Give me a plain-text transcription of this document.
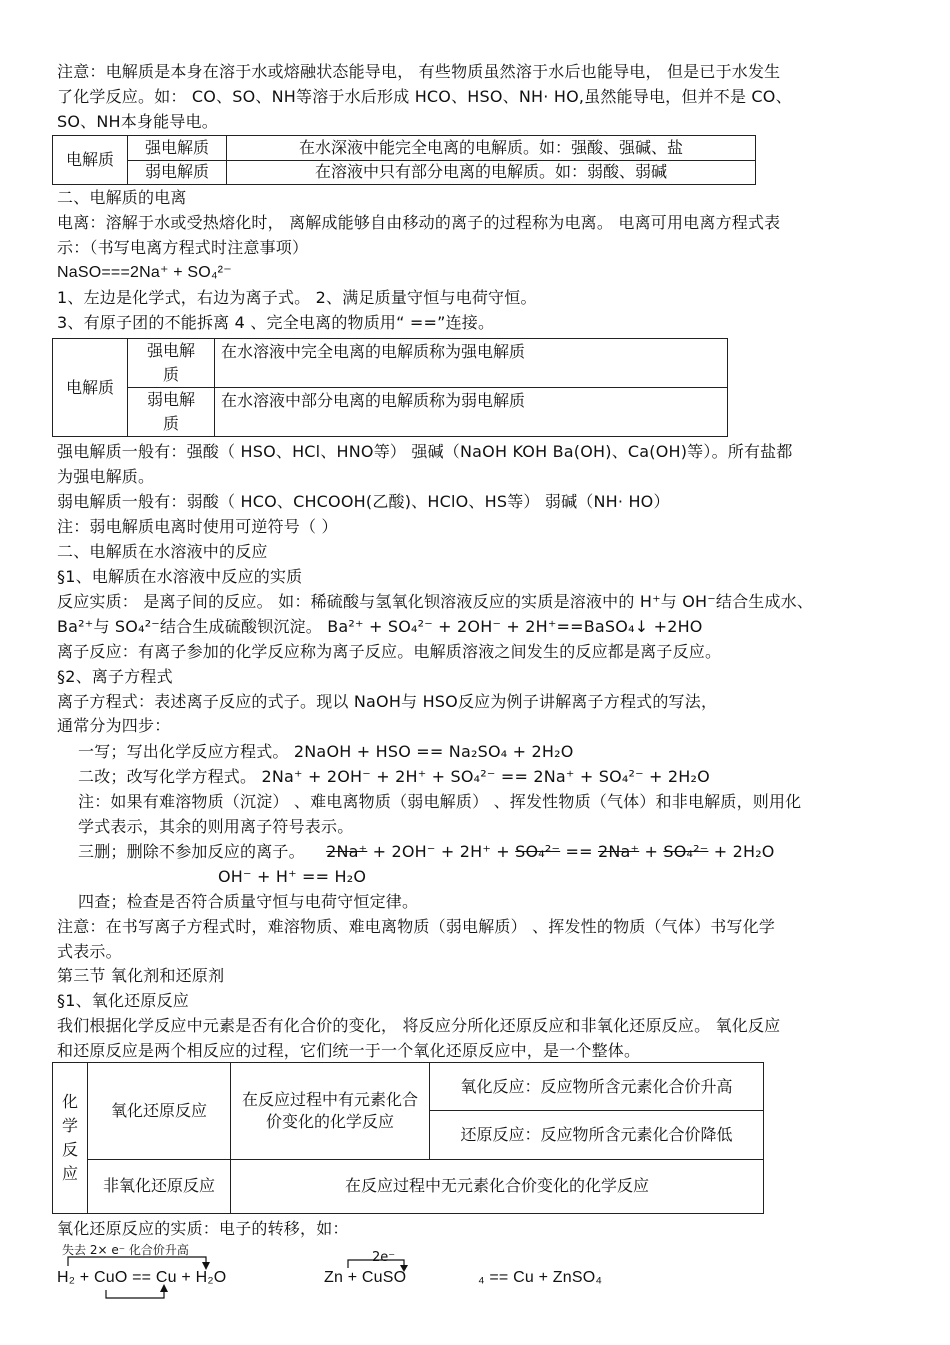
注意：电解质是本身在溶于水或熔融状态能导电， 有些物质虽然溶于水后也能导电， 但是已于水发生
了化学反应。如： CO、SO、NH等溶于水后形成 HCO、HSO、NH· HO,虽然能导电，但并不是 CO、
SO、NH本身能导电。
电解质	强电解质	在水深液中能完全电离的电解质。如：强酸、强碱、盐
	弱电解质	在溶液中只有部分电离的电解质。如：弱酸、弱碱
二、电解质的电离
电离：溶解于水或受热熔化时， 离解成能够自由移动的离子的过程称为电离。 电离可用电离方程式表
示：（书写电离方程式时注意事项）
NaSO===2Na⁺ + SO₄²⁻
1、左边是化学式，右边为离子式。 2、满足质量守恒与电荷守恒。
3、有原子团的不能拆离 4 、完全电离的物质用“ ==”连接。
电解质	强电解
质	在水溶液中完全电离的电解质称为强电解质
	弱电解
质	在水溶液中部分电离的电解质称为弱电解质
强电解质一般有：强酸（ HSO、HCl、HNO等） 强碱（NaOH KOH Ba(OH)、Ca(OH)等）。所有盐都
为强电解质。
弱电解质一般有：弱酸（ HCO、CHCOOH(乙酸)、HClO、HS等） 弱碱（NH· HO）
注：弱电解质电离时使用可逆符号（ ）
二、电解质在水溶液中的反应
§1、电解质在水溶液中反应的实质
反应实质： 是离子间的反应。 如：稀硫酸与氢氧化钡溶液反应的实质是溶液中的 H⁺与 OH⁻结合生成水、
Ba²⁺与 SO₄²⁻结合生成硫酸钡沉淀。 Ba²⁺ + SO₄²⁻ + 2OH⁻ + 2H⁺==BaSO₄↓ +2HO
离子反应：有离子参加的化学反应称为离子反应。电解质溶液之间发生的反应都是离子反应。
§2、离子方程式
离子方程式：表述离子反应的式子。现以 NaOH与 HSO反应为例子讲解离子方程式的写法，
通常分为四步：
一写；写出化学反应方程式。 2NaOH + HSO == Na₂SO₄ + 2H₂O
二改；改写化学方程式。 2Na⁺ + 2OH⁻ + 2H⁺ + SO₄²⁻ == 2Na⁺ + SO₄²⁻ + 2H₂O
注：如果有难溶物质（沉淀） 、难电离物质（弱电解质） 、挥发性物质（气体）和非电解质，则用化
学式表示，其余的则用离子符号表示。
三删；删除不参加反应的离子。 2Na⁺ + 2OH⁻ + 2H⁺ + SO₄²⁻ == 2Na⁺ + SO₄²⁻ + 2H₂O
OH⁻ + H⁺ == H₂O
四查；检查是否符合质量守恒与电荷守恒定律。
注意：在书写离子方程式时，难溶物质、难电离物质（弱电解质） 、挥发性的物质（气体）书写化学
式表示。
第三节 氧化剂和还原剂
§1、氧化还原反应
我们根据化学反应中元素是否有化合价的变化， 将反应分所化还原反应和非氧化还原反应。 氧化反应
和还原反应是两个相反应的过程，它们统一于一个氧化还原反应中，是一个整体。
化
学
反
应	氧化还原反应	在反应过程中有元素化合价变化的化学反应	氧化反应：反应物所含元素化合价升高
			还原反应：反应物所含元素化合价降低
	非氧化还原反应	在反应过程中无元素化合价变化的化学反应	
氧化还原反应的实质：电子的转移，如：
失去 2× e⁻ 化合价升高
H₂ + CuO == Cu + H₂O
2e⁻
Zn + CuSO	₄ == Cu + ZnSO₄
